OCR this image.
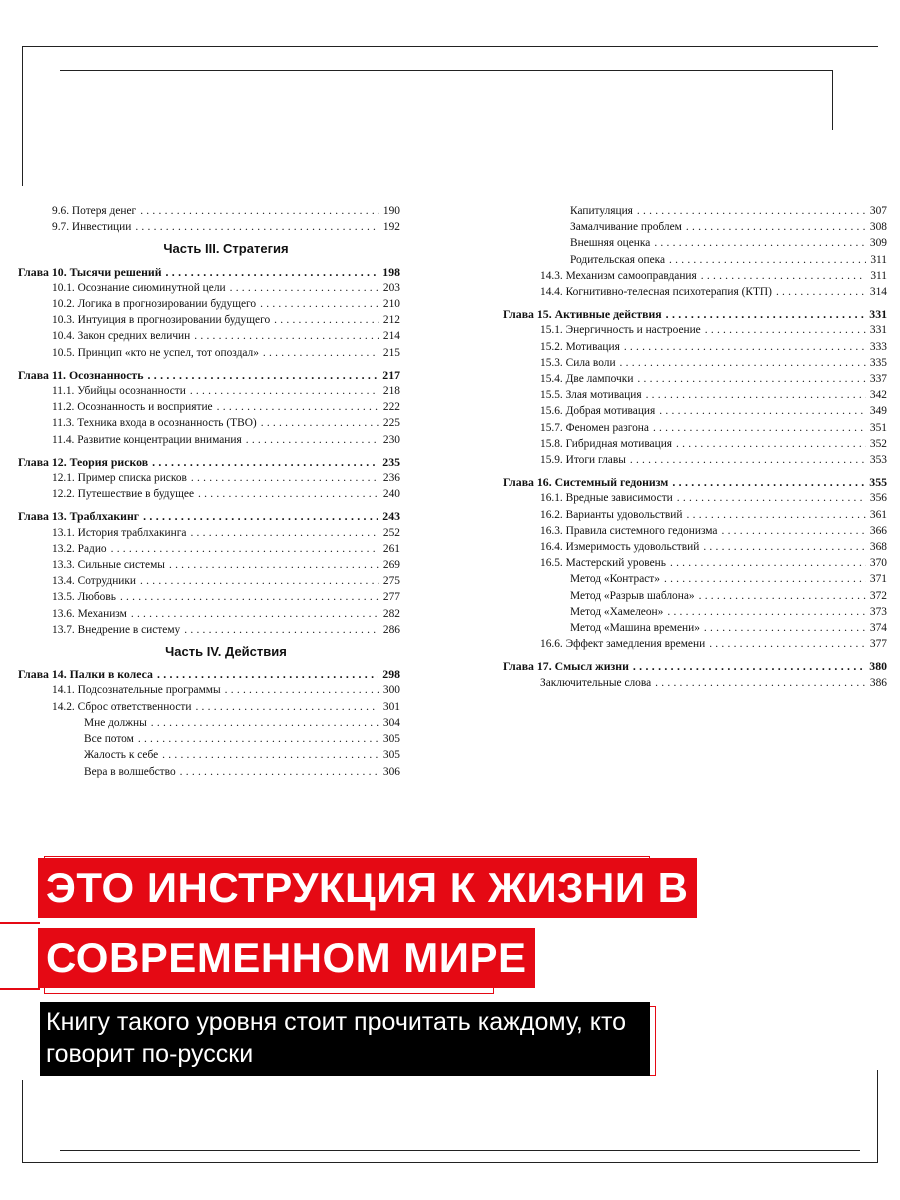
9.6. Потеря денег . . .	190
9.7. Инвестиции . . .	192
Часть III. Стратегия
Глава 10. Тысячи решений . . .	198
10.1. Осознание сиюминутной цели . . .	203
10.2. Логика в прогнозировании будущего . . .	210
10.3. Интуиция в прогнозировании будущего . . .	212
10.4. Закон средних величин . . .	214
10.5. Принцип «кто не успел, тот опоздал» . . .	215
Глава 11. Осознанность . . .	217
11.1. Убийцы осознанности . . .	218
11.2. Осознанность и восприятие . . .	222
11.3. Техника входа в осознанность (ТВО) . . .	225
11.4. Развитие концентрации внимания . . .	230
Глава 12. Теория рисков . . .	235
12.1. Пример списка рисков . . .	236
12.2. Путешествие в будущее . . .	240
Глава 13. Траблхакинг . . .	243
13.1. История траблхакинга . . .	252
13.2. Радио . . .	261
13.3. Сильные системы . . .	269
13.4. Сотрудники . . .	275
13.5. Любовь . . .	277
13.6. Механизм . . .	282
13.7. Внедрение в систему . . .	286
Часть IV. Действия
Глава 14. Палки в колеса . . .	298
14.1. Подсознательные программы . . .	300
14.2. Сброс ответственности . . .	301
Мне должны . . .	304
Все потом . . .	305
Жалость к себе . . .	305
Вера в волшебство . . .	306
Капитуляция . . .	307
Замалчивание проблем . . .	308
Внешняя оценка . . .	309
Родительская опека . . .	311
14.3. Механизм самооправдания . . .	311
14.4. Когнитивно-телесная психотерапия (КТП) . . .	314
Глава 15. Активные действия . . .	331
15.1. Энергичность и настроение . . .	331
15.2. Мотивация . . .	333
15.3. Сила воли . . .	335
15.4. Две лампочки . . .	337
15.5. Злая мотивация . . .	342
15.6. Добрая мотивация . . .	349
15.7. Феномен разгона . . .	351
15.8. Гибридная мотивация . . .	352
15.9. Итоги главы . . .	353
Глава 16. Системный гедонизм . . .	355
16.1. Вредные зависимости . . .	356
16.2. Варианты удовольствий . . .	361
16.3. Правила системного гедонизма . . .	366
16.4. Измеримость удовольствий . . .	368
16.5. Мастерский уровень . . .	370
Метод «Контраст» . . .	371
Метод «Разрыв шаблона» . . .	372
Метод «Хамелеон» . . .	373
Метод «Машина времени» . . .	374
16.6. Эффект замедления времени . . .	377
Глава 17. Смысл жизни . . .	380
Заключительные слова . . .	386
ЭТО ИНСТРУКЦИЯ К ЖИЗНИ В
СОВРЕМЕННОМ МИРЕ
Книгу такого уровня стоит прочитать каждому, кто говорит по-русски
